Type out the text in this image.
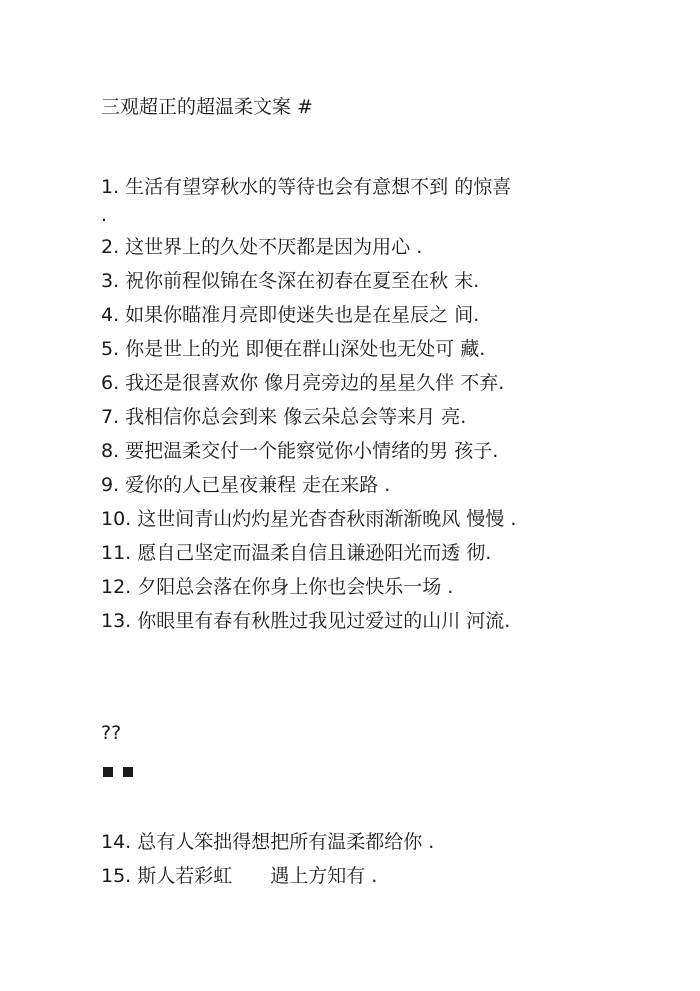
三观超正的超温柔文案 #
1. 生活有望穿秋水的等待也会有意想不到 的惊喜
.
2. 这世界上的久处不厌都是因为用心 .
3. 祝你前程似锦在冬深在初春在夏至在秋 末.
4. 如果你瞄准月亮即使迷失也是在星辰之 间.
5. 你是世上的光 即便在群山深处也无处可 藏.
6. 我还是很喜欢你 像月亮旁边的星星久伴 不弃.
7. 我相信你总会到来 像云朵总会等来月 亮.
8. 要把温柔交付一个能察觉你小情绪的男 孩子.
9. 爱你的人已星夜兼程 走在来路 .
10. 这世间青山灼灼星光杳杳秋雨渐渐晚风 慢慢 .
11. 愿自己坚定而温柔自信且谦逊阳光而透 彻.
12. 夕阳总会落在你身上你也会快乐一场 .
13. 你眼里有春有秋胜过我见过爱过的山川 河流.
??
14. 总有人笨拙得想把所有温柔都给你 .
15. 斯人若彩虹　　遇上方知有 .
